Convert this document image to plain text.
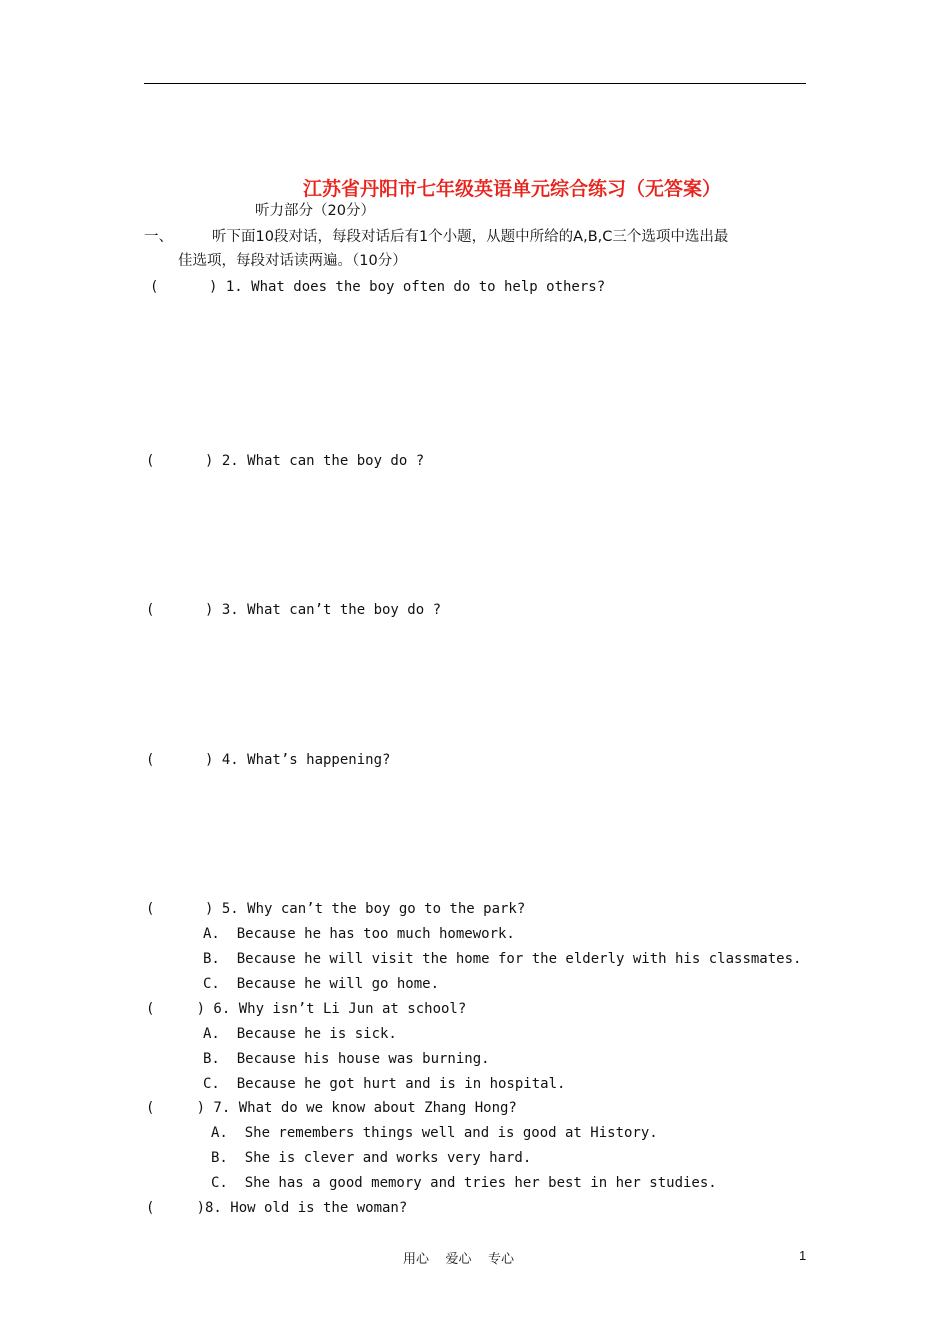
江苏省丹阳市七年级英语单元综合练习（无答案）
听力部分（20分）
一、	听下面10段对话，每段对话后有1个小题，从题中所给的A,B,C三个选项中选出最
佳选项，每段对话读两遍。（10分）
(      ) 1. What does the boy often do to help others?
(      ) 2. What can the boy do ?
(      ) 3. What can’t the boy do ?
(      ) 4. What’s happening?
(      ) 5. Why can’t the boy go to the park?
A.  Because he has too much homework.
B.  Because he will visit the home for the elderly with his classmates.
C.  Because he will go home.
(     ) 6. Why isn’t Li Jun at school?
A.  Because he is sick.
B.  Because his house was burning.
C.  Because he got hurt and is in hospital.
(     ) 7. What do we know about Zhang Hong?
A.  She remembers things well and is good at History.
B.  She is clever and works very hard.
C.  She has a good memory and tries her best in her studies.
(     )8. How old is the woman?
用心    爱心    专心	1
